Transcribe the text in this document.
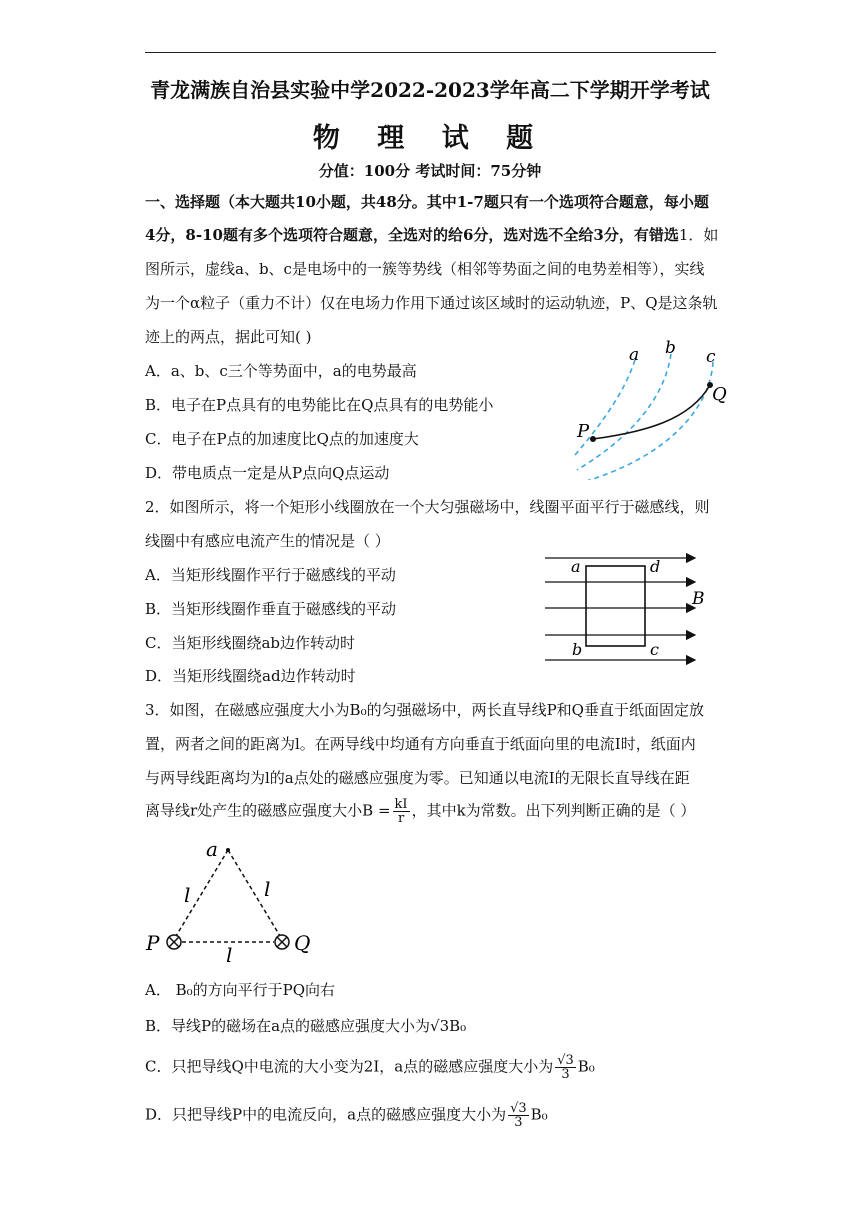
青龙满族自治县实验中学2022-2023学年高二下学期开学考试
物 理 试 题
分值：100分 考试时间：75分钟
一、选择题（本大题共10小题，共48分。其中1-7题只有一个选项符合题意，每小题
4分，8-10题有多个选项符合题意，全选对的给6分，选对选不全给3分，有错选1．如
图所示，虚线a、b、c是电场中的一簇等势线（相邻等势面之间的电势差相等），实线
为一个α粒子（重力不计）仅在电场力作用下通过该区域时的运动轨迹，P、Q是这条轨
迹上的两点，据此可知( )
A．a、b、c三个等势面中，a的电势最高
B．电子在P点具有的电势能比在Q点具有的电势能小
C．电子在P点的加速度比Q点的加速度大
D．带电质点一定是从P点向Q点运动
a b c
P
Q
2．如图所示，将一个矩形小线圈放在一个大匀强磁场中，线圈平面平行于磁感线，则
线圈中有感应电流产生的情况是（ ）
A．当矩形线圈作平行于磁感线的平动
B．当矩形线圈作垂直于磁感线的平动
C．当矩形线圈绕ab边作转动时
D．当矩形线圈绕ad边作转动时
a	d
b	c
B
3．如图，在磁感应强度大小为B₀的匀强磁场中，两长直导线P和Q垂直于纸面固定放
置，两者之间的距离为l。在两导线中均通有方向垂直于纸面向里的电流I时，纸面内
与两导线距离均为l的a点处的磁感应强度为零。已知通以电流I的无限长直导线在距
离导线r处产生的磁感应强度大小$B = \frac{kI}{r}$ ，其中k为常数。出下列判断正确的是（ ）
a
l	l
l
P	Q
A． B₀的方向平行于PQ向右
B．导线P的磁场在a点的磁感应强度大小为√3B₀
C．只把导线Q中电流的大小变为2I，a点的磁感应强度大小为 $\frac{√3}{3} B_0$
D．只把导线P中的电流反向，a点的磁感应强度大小为 $\frac{√3}{3} B_0$
